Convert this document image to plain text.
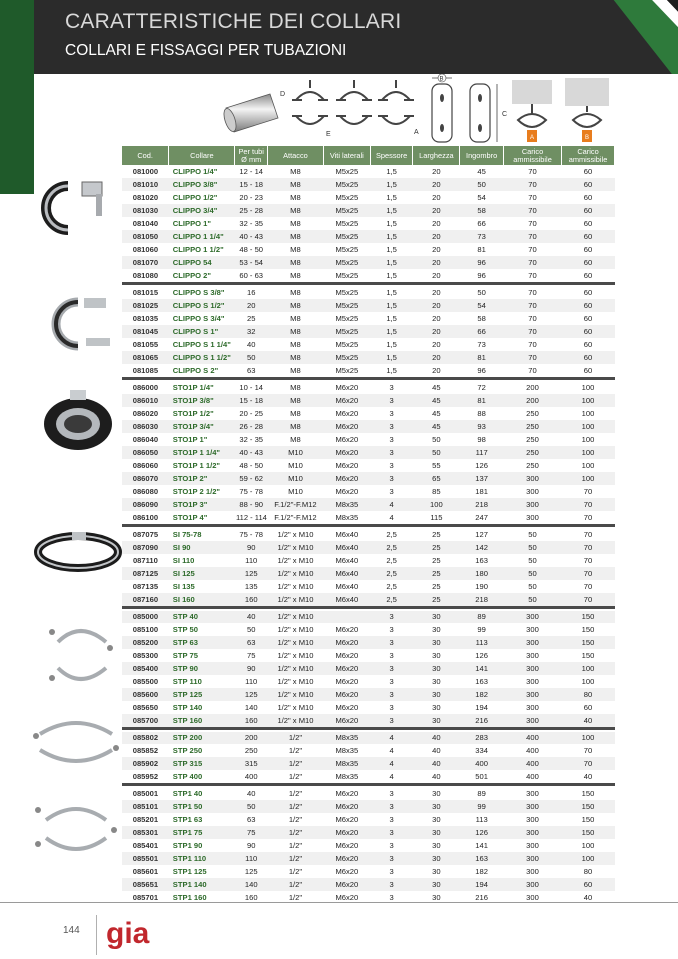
CARATTERISTICHE DEI COLLARI
COLLARI E FISSAGGI PER TUBAZIONI
D
E	A
B
C
A	B
Cod.	Collare	Per tubi Ø mm	Attacco	Viti laterali	Spessore	Larghezza	Ingombro	Carico ammissibile	Carico ammissibile
081000	CLIPPO 1/4"	12 - 14	M8	M5x25	1,5	20	45	70	60
081010	CLIPPO 3/8"	15 - 18	M8	M5x25	1,5	20	50	70	60
081020	CLIPPO 1/2"	20 - 23	M8	M5x25	1,5	20	54	70	60
081030	CLIPPO 3/4"	25 - 28	M8	M5x25	1,5	20	58	70	60
081040	CLIPPO 1"	32 - 35	M8	M5x25	1,5	20	66	70	60
081050	CLIPPO 1 1/4"	40 - 43	M8	M5x25	1,5	20	73	70	60
081060	CLIPPO 1 1/2"	48 - 50	M8	M5x25	1,5	20	81	70	60
081070	CLIPPO 54	53 - 54	M8	M5x25	1,5	20	96	70	60
081080	CLIPPO 2"	60 - 63	M8	M5x25	1,5	20	96	70	60

081015	CLIPPO S 3/8"	16	M8	M5x25	1,5	20	50	70	60
081025	CLIPPO S 1/2"	20	M8	M5x25	1,5	20	54	70	60
081035	CLIPPO S 3/4"	25	M8	M5x25	1,5	20	58	70	60
081045	CLIPPO S 1"	32	M8	M5x25	1,5	20	66	70	60
081055	CLIPPO S 1 1/4"	40	M8	M5x25	1,5	20	73	70	60
081065	CLIPPO S 1 1/2"	50	M8	M5x25	1,5	20	81	70	60
081085	CLIPPO S 2"	63	M8	M5x25	1,5	20	96	70	60

086000	STO1P 1/4"	10 - 14	M8	M6x20	3	45	72	200	100
086010	STO1P 3/8"	15 - 18	M8	M6x20	3	45	81	200	100
086020	STO1P 1/2"	20 - 25	M8	M6x20	3	45	88	250	100
086030	STO1P 3/4"	26 - 28	M8	M6x20	3	45	93	250	100
086040	STO1P 1"	32 - 35	M8	M6x20	3	50	98	250	100
086050	STO1P 1 1/4"	40 - 43	M10	M6x20	3	50	117	250	100
086060	STO1P 1 1/2"	48 - 50	M10	M6x20	3	55	126	250	100
086070	STO1P 2"	59 - 62	M10	M6x20	3	65	137	300	100
086080	STO1P 2 1/2"	75 - 78	M10	M6x20	3	85	181	300	70
086090	STO1P 3"	88 - 90	F.1/2"-F.M12	M8x35	4	100	218	300	70
086100	STO1P 4"	112 - 114	F.1/2"-F.M12	M8x35	4	115	247	300	70

087075	SI 75-78	75 - 78	1/2" x M10	M6x40	2,5	25	127	50	70
087090	SI 90	90	1/2" x M10	M6x40	2,5	25	142	50	70
087110	SI 110	110	1/2" x M10	M6x40	2,5	25	163	50	70
087125	SI 125	125	1/2" x M10	M6x40	2,5	25	180	50	70
087135	SI 135	135	1/2" x M10	M6x40	2,5	25	190	50	70
087160	SI 160	160	1/2" x M10	M6x40	2,5	25	218	50	70

085000	STP 40	40	1/2" x M10		3	30	89	300	150
085100	STP 50	50	1/2" x M10	M6x20	3	30	99	300	150
085200	STP 63	63	1/2" x M10	M6x20	3	30	113	300	150
085300	STP 75	75	1/2" x M10	M6x20	3	30	126	300	150
085400	STP 90	90	1/2" x M10	M6x20	3	30	141	300	100
085500	STP 110	110	1/2" x M10	M6x20	3	30	163	300	100
085600	STP 125	125	1/2" x M10	M6x20	3	30	182	300	80
085650	STP 140	140	1/2" x M10	M6x20	3	30	194	300	60
085700	STP 160	160	1/2" x M10	M6x20	3	30	216	300	40

085802	STP 200	200	1/2"	M8x35	4	40	283	400	100
085852	STP 250	250	1/2"	M8x35	4	40	334	400	70
085902	STP 315	315	1/2"	M8x35	4	40	400	400	70
085952	STP 400	400	1/2"	M8x35	4	40	501	400	40

085001	STP1 40	40	1/2"	M6x20	3	30	89	300	150
085101	STP1 50	50	1/2"	M6x20	3	30	99	300	150
085201	STP1 63	63	1/2"	M6x20	3	30	113	300	150
085301	STP1 75	75	1/2"	M6x20	3	30	126	300	150
085401	STP1 90	90	1/2"	M6x20	3	30	141	300	100
085501	STP1 110	110	1/2"	M6x20	3	30	163	300	100
085601	STP1 125	125	1/2"	M6x20	3	30	182	300	80
085651	STP1 140	140	1/2"	M6x20	3	30	194	300	60
085701	STP1 160	160	1/2"	M6x20	3	30	216	300	40
144 gia
